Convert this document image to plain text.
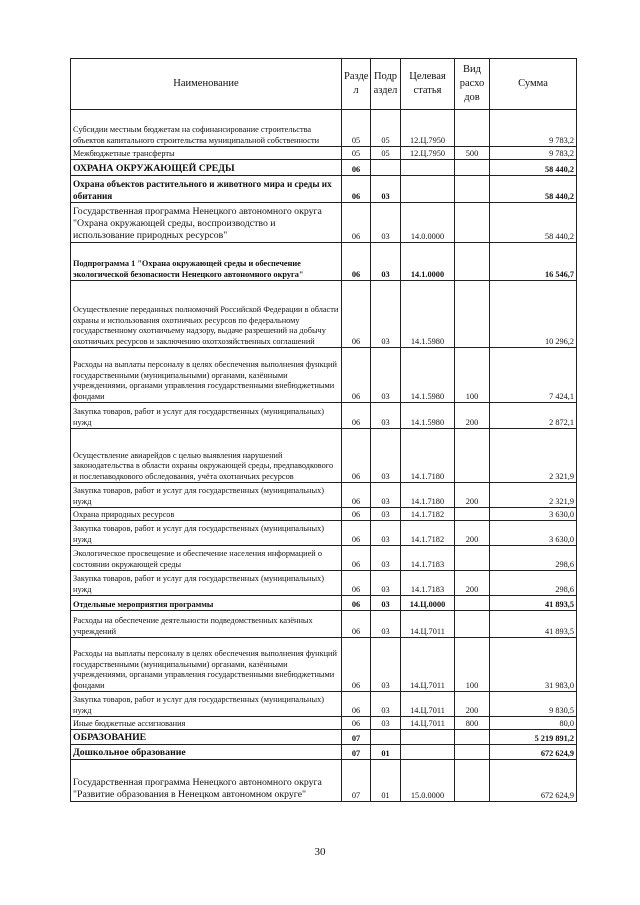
Наименование	Разде л	Подр аздел	Целевая статья	Вид расхо дов	Сумма
Субсидии местным бюджетам на софинансирование строительства объектов капитального строительства муниципальной собственности	05	05	12.Ц.7950		9 783,2
Межбюджетные трансферты	05	05	12.Ц.7950	500	9 783,2
ОХРАНА ОКРУЖАЮЩЕЙ СРЕДЫ	06				58 440,2
Охрана объектов растительного и животного мира и среды их обитания	06	03			58 440,2
Государственная программа Ненецкого автономного округа "Охрана окружающей среды, воспроизводство и использование природных ресурсов"	06	03	14.0.0000		58 440,2
Подпрограмма 1 "Охрана окружающей среды и обеспечение экологической безопасности Ненецкого автономного округа"	06	03	14.1.0000		16 546,7
Осуществление переданных полномочий Российской Федерации в области охраны и использования охотничьих ресурсов по федеральному государственному охотничьему надзору, выдаче разрешений на добычу охотничьих ресурсов и заключению охотхозяйственных соглашений	06	03	14.1.5980		10 296,2
Расходы на выплаты персоналу в целях обеспечения выполнения функций государственными (муниципальными) органами, казёнными учреждениями, органами управления государственными внебюджетными фондами	06	03	14.1.5980	100	7 424,1
Закупка товаров, работ и услуг для государственных (муниципальных) нужд	06	03	14.1.5980	200	2 872,1
Осуществление авиарейдов с целью выявления нарушений законодательства в области охраны окружающей среды, предпаводкового и послепаводкового обследования, учёта охотничьих ресурсов	06	03	14.1.7180		2 321,9
Закупка товаров, работ и услуг для государственных (муниципальных) нужд	06	03	14.1.7180	200	2 321,9
Охрана природных ресурсов	06	03	14.1.7182		3 630,0
Закупка товаров, работ и услуг для государственных (муниципальных) нужд	06	03	14.1.7182	200	3 630,0
Экологическое просвещение и обеспечение населения информацией о состоянии окружающей среды	06	03	14.1.7183		298,6
Закупка товаров, работ и услуг для государственных (муниципальных) нужд	06	03	14.1.7183	200	298,6
Отдельные мероприятия программы	06	03	14.Ц.0000		41 893,5
Расходы на обеспечение деятельности подведомственных казённых учреждений	06	03	14.Ц.7011		41 893,5
Расходы на выплаты персоналу в целях обеспечения выполнения функций государственными (муниципальными) органами, казёнными учреждениями, органами управления государственными внебюджетными фондами	06	03	14.Ц.7011	100	31 983,0
Закупка товаров, работ и услуг для государственных (муниципальных) нужд	06	03	14.Ц.7011	200	9 830,5
Иные бюджетные ассигнования	06	03	14.Ц.7011	800	80,0
ОБРАЗОВАНИЕ	07				5 219 891,2
Дошкольное образование	07	01			672 624,9
Государственная программа Ненецкого автономного округа "Развитие образования в Ненецком автономном округе"	07	01	15.0.0000		672 624,9
30
